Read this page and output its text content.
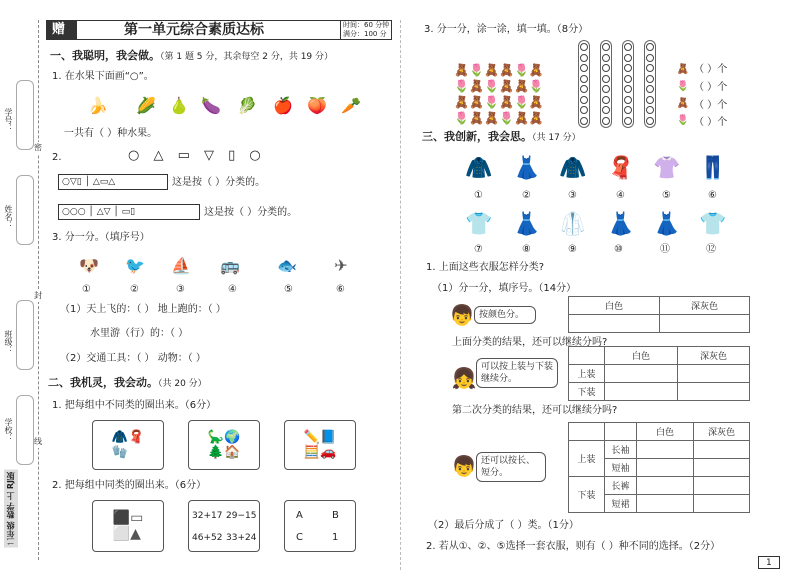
学号：
姓名：
班级：
学校：
密
封
线
二年级 数学 上 RJ版
赠	第一单元综合素质达标	时间：60 分钟
满分：100 分
一、我聪明，我会做。（第 1 题 5 分，其余每空 2 分，共 19 分）
1. 在水果下面画“○”。
🍌	🌽 🍐 🍆	🥬	🍎 🍑 🥕
一共有（ ）种水果。
2.	○ △ ▭ ▽ ▯ ○
○▽▯ │ △▭△	这是按（ ）分类的。
○○○ │ △▽ │ ▭▯	这是按（ ）分类的。
3. 分一分。（填序号）
🐶	🐦	⛵	🚌	🐟	✈
①	②	③	④	⑤	⑥
（1）天上飞的：（ ） 地上跑的：（ ）
水里游（行）的：（ ）
（2）交通工具：（ ） 动物：（ ）
二、我机灵，我会动。（共 20 分）
1. 把每组中不同类的圈出来。（6分）
🧥🧣
🧤
🦕🌍
🌲🏠
✏️📘
🧮🚗
2. 把每组中同类的圈出来。（6分）
⬛▭
⬜▲
32+17 29−15
46+52 33+24
A	B
C	1
3. 分一分，涂一涂，填一填。（8分）
🧸🌷🧸🧸🌷🧸
🌷🧸🌷🧸🧸🌷
🧸🧸🌷🧸🌷🧸
🌷🧸🧸🌷🧸🧸
🧸
🌷
🧸
🌷
（ ）个
（ ）个
（ ）个
（ ）个
三、我创新，我会思。（共 17 分）
🧥 👗 🧥 🧣 👚 👖
①	②	③	④	⑤	⑥
👕 👗 🥼 👗 👗 👕
⑦	⑧	⑨	⑩	⑪	⑫
1. 上面这些衣服怎样分类?
（1）分一分，填序号。（14分）
👦 按颜色分。
白色	深灰色

上面分类的结果，还可以继续分吗?
👧 可以按上装与下装继续分。
	白色	深灰色
上装		
下装		
第二次分类的结果，还可以继续分吗?
👦 还可以按长、短分。
		白色	深灰色
上装	长袖		
	短袖		
下装	长裤		
	短裙		
（2）最后分成了（ ）类。（1分）
2. 若从①、②、⑤选择一套衣服，则有（ ）种不同的选择。（2分）
1
